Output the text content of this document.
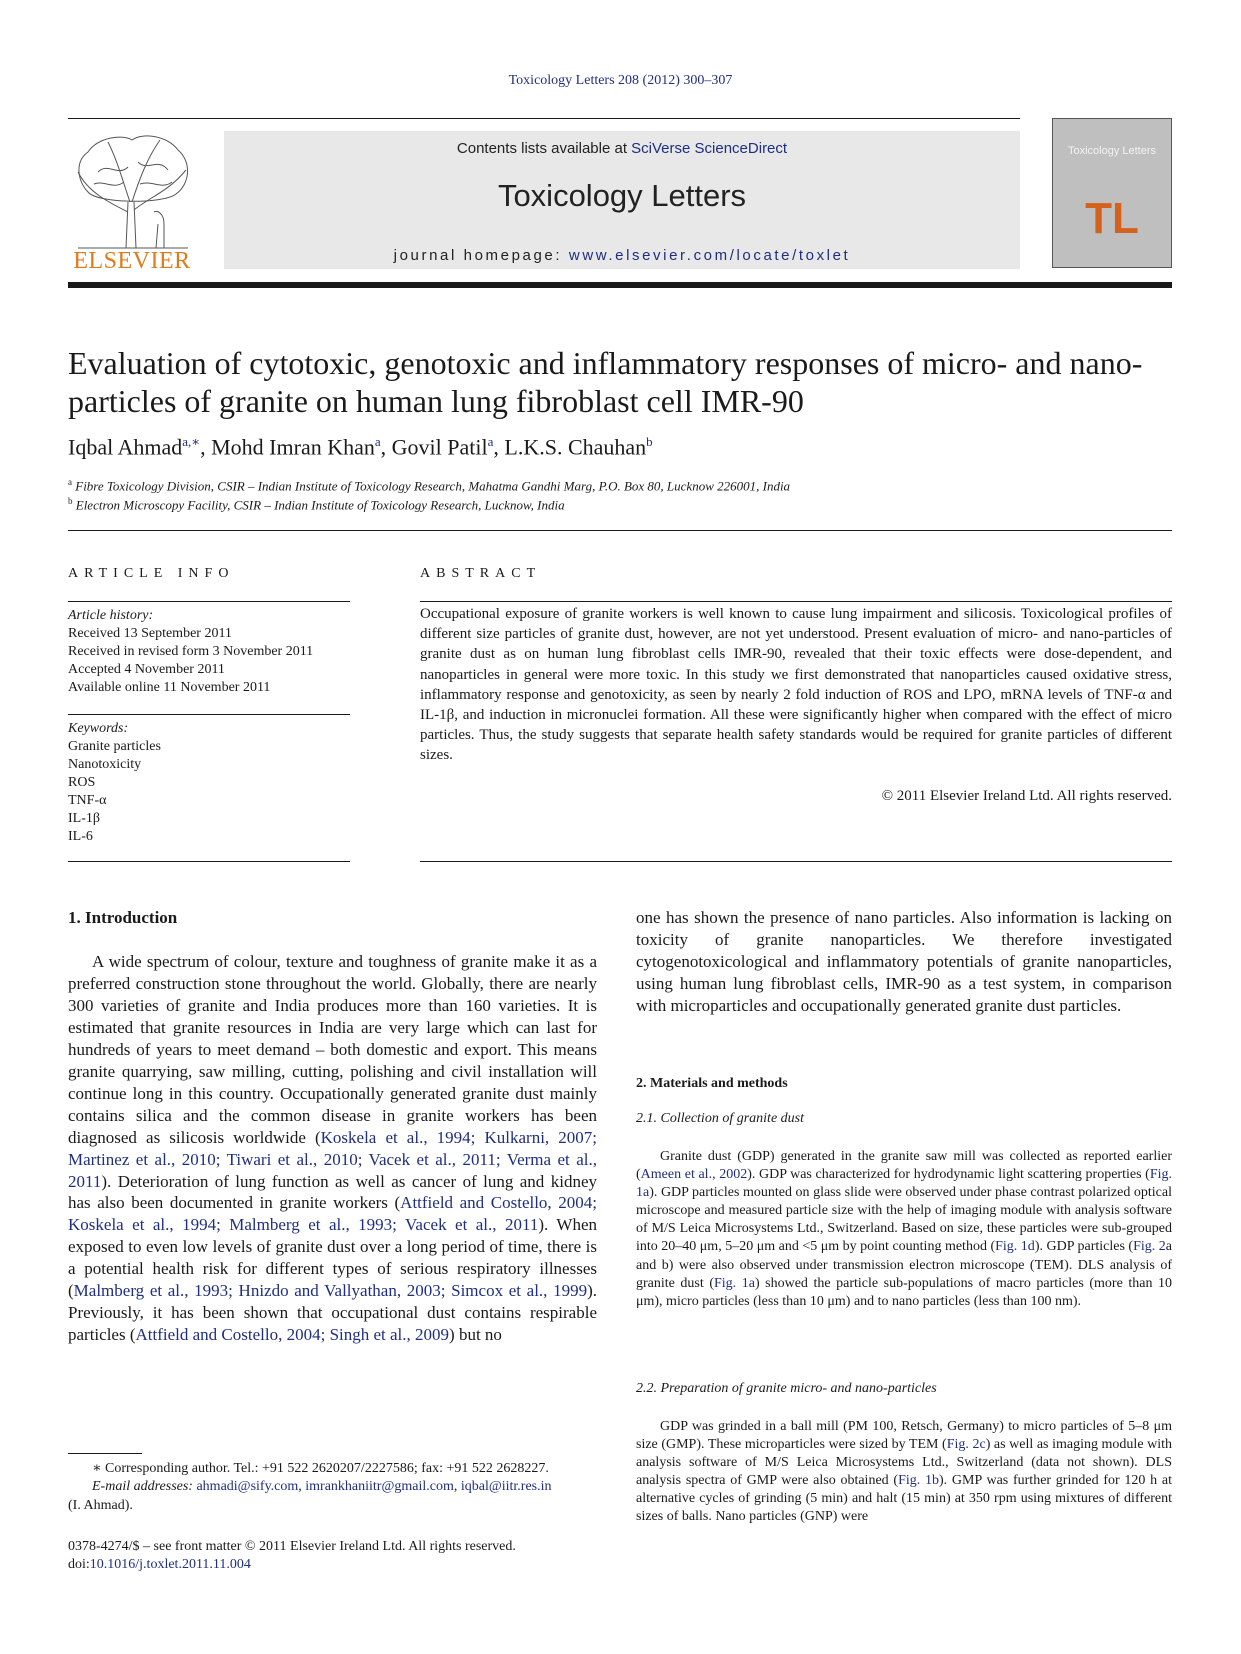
Toxicology Letters 208 (2012) 300–307
ELSEVIER
Contents lists available at SciVerse ScienceDirect
Toxicology Letters
journal homepage: www.elsevier.com/locate/toxlet
Toxicology Letters
TL
Evaluation of cytotoxic, genotoxic and inflammatory responses of micro- and nano-particles of granite on human lung fibroblast cell IMR-90
Iqbal Ahmad$^{a,∗}$, Mohd Imran Khan$^a$, Govil Patil$^a$, L.K.S. Chauhan$^b$
$^a$ Fibre Toxicology Division, CSIR – Indian Institute of Toxicology Research, Mahatma Gandhi Marg, P.O. Box 80, Lucknow 226001, India
$^b$ Electron Microscopy Facility, CSIR – Indian Institute of Toxicology Research, Lucknow, India
ARTICLE INFO
Article history:
Received 13 September 2011
Received in revised form 3 November 2011
Accepted 4 November 2011
Available online 11 November 2011
Keywords:
Granite particles
Nanotoxicity
ROS
TNF-α
IL-1β
IL-6
ABSTRACT
Occupational exposure of granite workers is well known to cause lung impairment and silicosis. Toxicological profiles of different size particles of granite dust, however, are not yet understood. Present evaluation of micro- and nano-particles of granite dust as on human lung fibroblast cells IMR-90, revealed that their toxic effects were dose-dependent, and nanoparticles in general were more toxic. In this study we first demonstrated that nanoparticles caused oxidative stress, inflammatory response and genotoxicity, as seen by nearly 2 fold induction of ROS and LPO, mRNA levels of TNF-α and IL-1β, and induction in micronuclei formation. All these were significantly higher when compared with the effect of micro particles. Thus, the study suggests that separate health safety standards would be required for granite particles of different sizes.
© 2011 Elsevier Ireland Ltd. All rights reserved.
1. Introduction
A wide spectrum of colour, texture and toughness of granite make it as a preferred construction stone throughout the world. Globally, there are nearly 300 varieties of granite and India produces more than 160 varieties. It is estimated that granite resources in India are very large which can last for hundreds of years to meet demand – both domestic and export. This means granite quarrying, saw milling, cutting, polishing and civil installation will continue long in this country. Occupationally generated granite dust mainly contains silica and the common disease in granite workers has been diagnosed as silicosis worldwide (Koskela et al., 1994; Kulkarni, 2007; Martinez et al., 2010; Tiwari et al., 2010; Vacek et al., 2011; Verma et al., 2011). Deterioration of lung function as well as cancer of lung and kidney has also been documented in granite workers (Attfield and Costello, 2004; Koskela et al., 1994; Malmberg et al., 1993; Vacek et al., 2011). When exposed to even low levels of granite dust over a long period of time, there is a potential health risk for different types of serious respiratory illnesses (Malmberg et al., 1993; Hnizdo and Vallyathan, 2003; Simcox et al., 1999). Previously, it has been shown that occupational dust contains respirable particles (Attfield and Costello, 2004; Singh et al., 2009) but no
one has shown the presence of nano particles. Also information is lacking on toxicity of granite nanoparticles. We therefore investigated cytogenotoxicological and inflammatory potentials of granite nanoparticles, using human lung fibroblast cells, IMR-90 as a test system, in comparison with microparticles and occupationally generated granite dust particles.
2. Materials and methods
2.1. Collection of granite dust
Granite dust (GDP) generated in the granite saw mill was collected as reported earlier (Ameen et al., 2002). GDP was characterized for hydrodynamic light scattering properties (Fig. 1a). GDP particles mounted on glass slide were observed under phase contrast polarized optical microscope and measured particle size with the help of imaging module with analysis software of M/S Leica Microsystems Ltd., Switzerland. Based on size, these particles were sub-grouped into 20–40 μm, 5–20 μm and <5 μm by point counting method (Fig. 1d). GDP particles (Fig. 2a and b) were also observed under transmission electron microscope (TEM). DLS analysis of granite dust (Fig. 1a) showed the particle sub-populations of macro particles (more than 10 μm), micro particles (less than 10 μm) and to nano particles (less than 100 nm).
2.2. Preparation of granite micro- and nano-particles
GDP was grinded in a ball mill (PM 100, Retsch, Germany) to micro particles of 5–8 μm size (GMP). These microparticles were sized by TEM (Fig. 2c) as well as imaging module with analysis software of M/S Leica Microsystems Ltd., Switzerland (data not shown). DLS analysis spectra of GMP were also obtained (Fig. 1b). GMP was further grinded for 120 h at alternative cycles of grinding (5 min) and halt (15 min) at 350 rpm using mixtures of different sizes of balls. Nano particles (GNP) were
∗ Corresponding author. Tel.: +91 522 2620207/2227586; fax: +91 522 2628227.
E-mail addresses: ahmadi@sify.com, imrankhaniitr@gmail.com, iqbal@iitr.res.in
(I. Ahmad).
0378-4274/$ – see front matter © 2011 Elsevier Ireland Ltd. All rights reserved.
doi:10.1016/j.toxlet.2011.11.004
